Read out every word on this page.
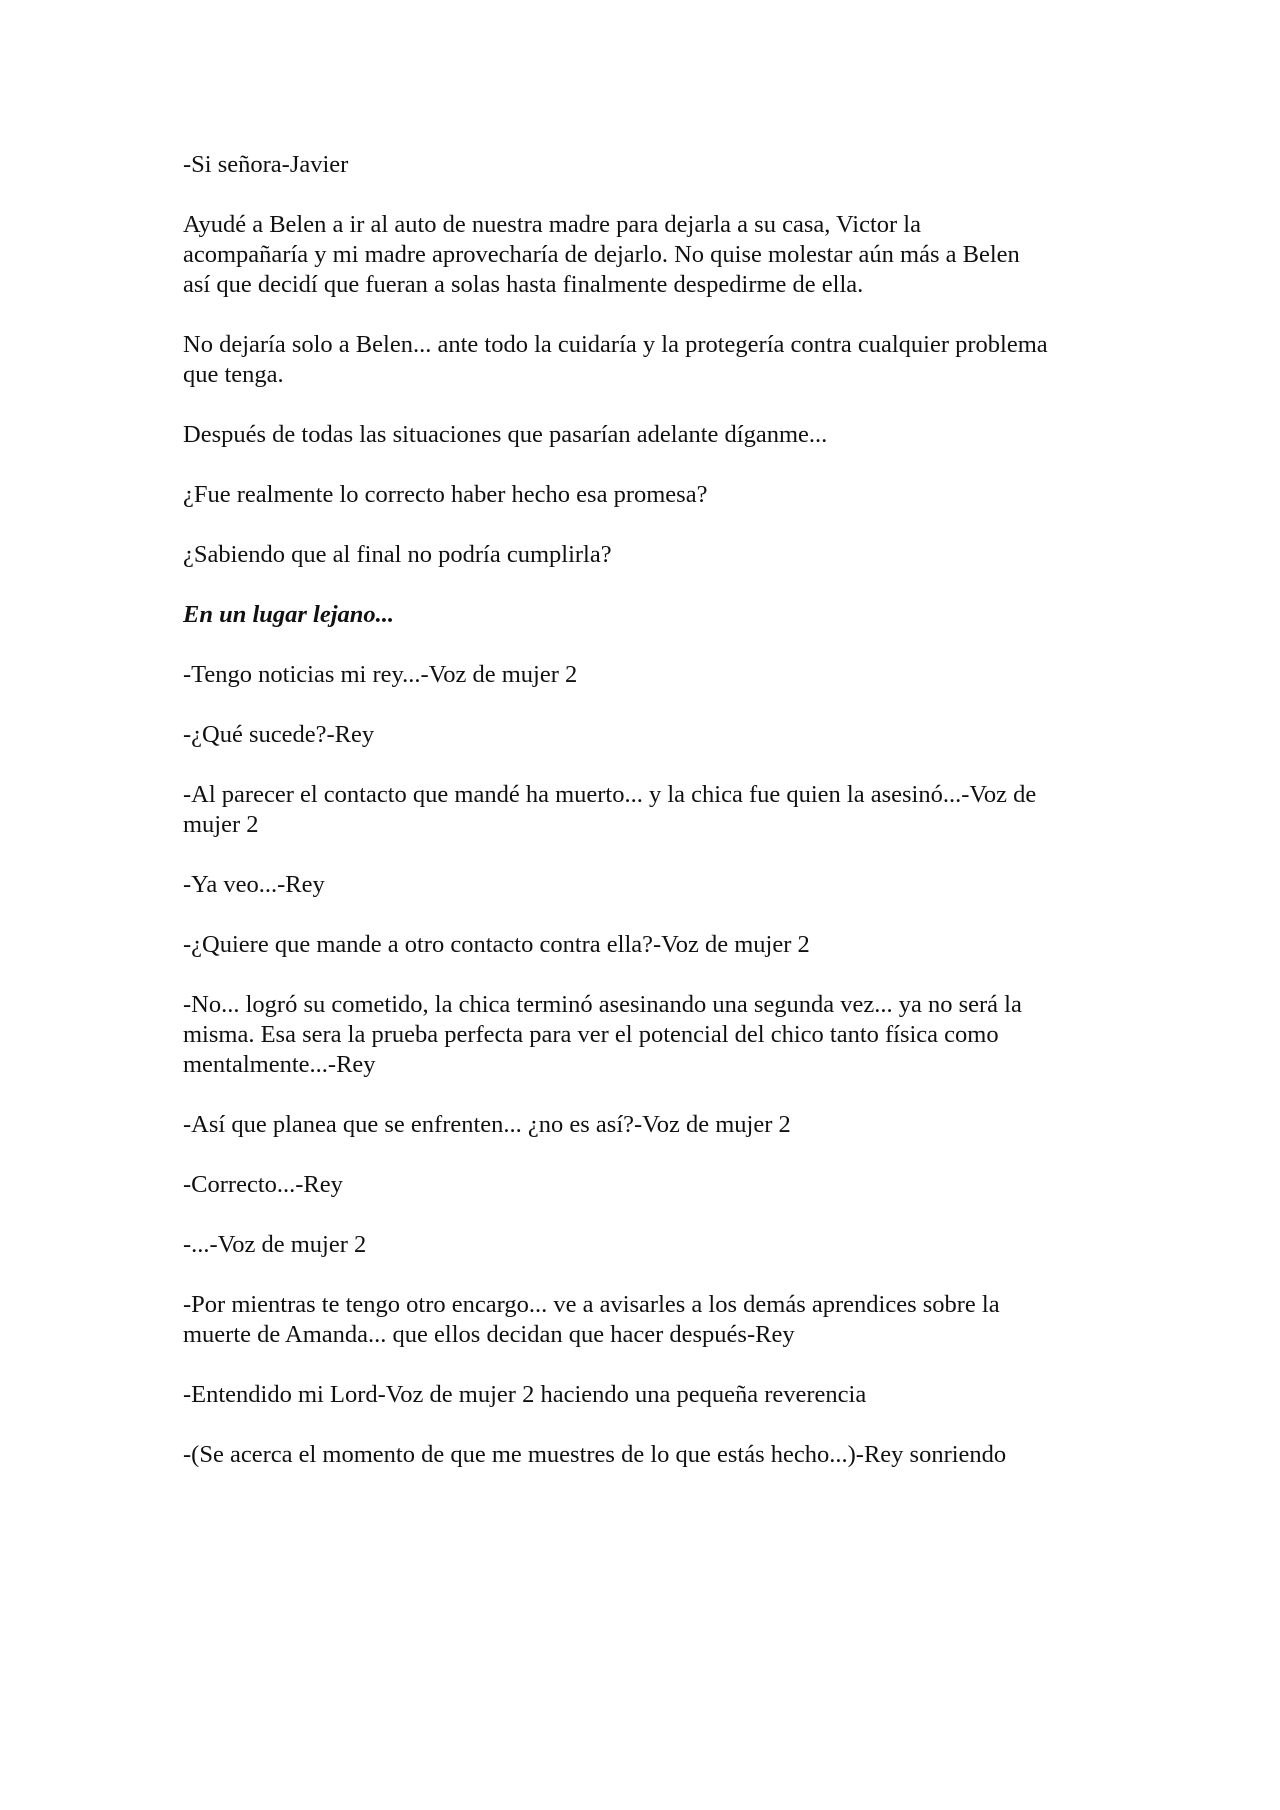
-Si señora-Javier
Ayudé a Belen a ir al auto de nuestra madre para dejarla a su casa, Victor la
acompañaría y mi madre aprovecharía de dejarlo. No quise molestar aún más a Belen
así que decidí que fueran a solas hasta finalmente despedirme de ella.
No dejaría solo a Belen... ante todo la cuidaría y la protegería contra cualquier problema
que tenga.
Después de todas las situaciones que pasarían adelante díganme...
¿Fue realmente lo correcto haber hecho esa promesa?
¿Sabiendo que al final no podría cumplirla?
En un lugar lejano...
-Tengo noticias mi rey...-Voz de mujer 2
-¿Qué sucede?-Rey
-Al parecer el contacto que mandé ha muerto... y la chica fue quien la asesinó...-Voz de
mujer 2
-Ya veo...-Rey
-¿Quiere que mande a otro contacto contra ella?-Voz de mujer 2
-No... logró su cometido, la chica terminó asesinando una segunda vez... ya no será la
misma. Esa sera la prueba perfecta para ver el potencial del chico tanto física como
mentalmente...-Rey
-Así que planea que se enfrenten... ¿no es así?-Voz de mujer 2
-Correcto...-Rey
-...-Voz de mujer 2
-Por mientras te tengo otro encargo... ve a avisarles a los demás aprendices sobre la
muerte de Amanda... que ellos decidan que hacer después-Rey
-Entendido mi Lord-Voz de mujer 2 haciendo una pequeña reverencia
-(Se acerca el momento de que me muestres de lo que estás hecho...)-Rey sonriendo
